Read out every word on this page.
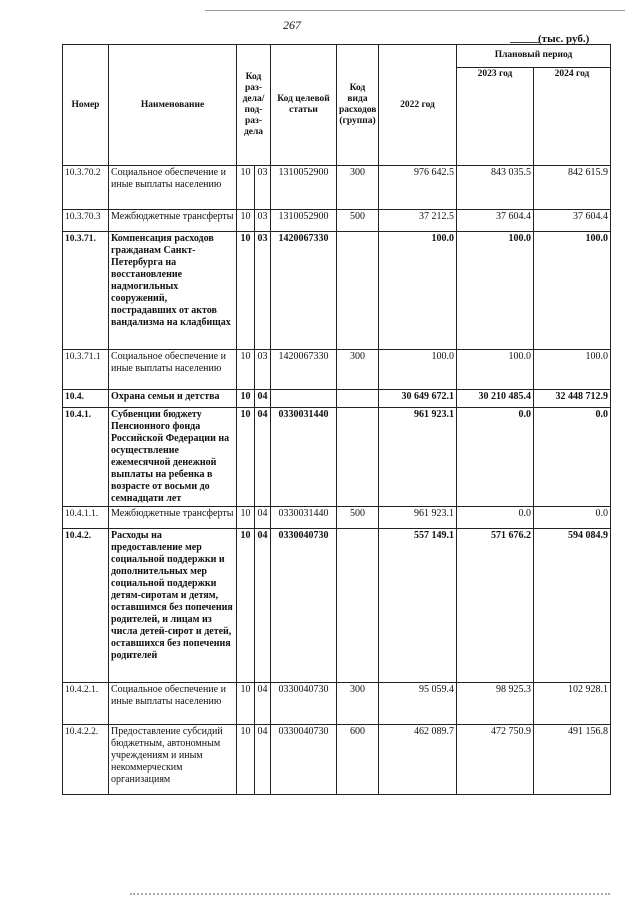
267
(тыс. руб.)
Номер	Наименование	Код раз-дела/ под-раз-дела		Код целевой статьи	Код вида расходов (группа)	2022 год	Плановый период	
							2023 год	2024 год
10.3.70.2	Социальное обеспечение и иные выплаты населению	10	03	1310052900	300	976 642.5	843 035.5	842 615.9
10.3.70.3	Межбюджетные трансферты	10	03	1310052900	500	37 212.5	37 604.4	37 604.4
10.3.71.	Компенсация расходов гражданам Санкт-Петербурга на восстановление надмогильных сооружений, пострадавших от актов вандализма на кладбищах	10	03	1420067330		100.0	100.0	100.0
10.3.71.1	Социальное обеспечение и иные выплаты населению	10	03	1420067330	300	100.0	100.0	100.0
10.4.	Охрана семьи и детства	10	04			30 649 672.1	30 210 485.4	32 448 712.9
10.4.1.	Субвенции бюджету Пенсионного фонда Российской Федерации на осуществление ежемесячной денежной выплаты на ребенка в возрасте от восьми до семнадцати лет	10	04	0330031440		961 923.1	0.0	0.0
10.4.1.1.	Межбюджетные трансферты	10	04	0330031440	500	961 923.1	0.0	0.0
10.4.2.	Расходы на предоставление мер социальной поддержки и дополнительных мер социальной поддержки детям-сиротам и детям, оставшимся без попечения родителей, и лицам из числа детей-сирот и детей, оставшихся без попечения родителей	10	04	0330040730		557 149.1	571 676.2	594 084.9
10.4.2.1.	Социальное обеспечение и иные выплаты населению	10	04	0330040730	300	95 059.4	98 925.3	102 928.1
10.4.2.2.	Предоставление субсидий бюджетным, автономным учреждениям и иным некоммерческим организациям	10	04	0330040730	600	462 089.7	472 750.9	491 156.8
